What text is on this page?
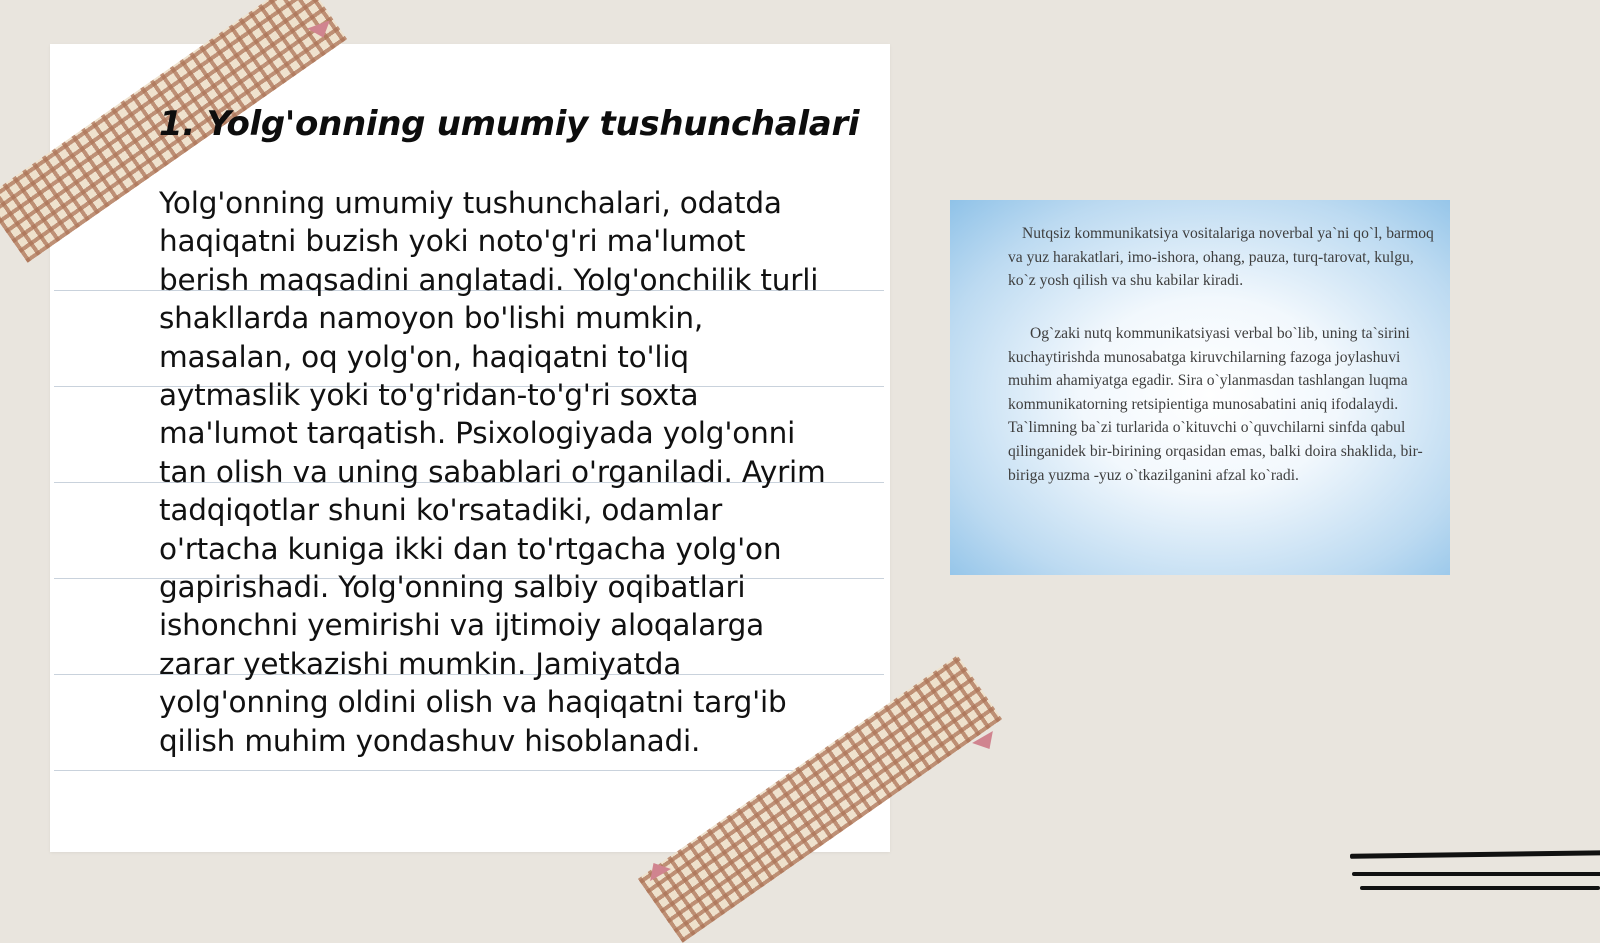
1. Yolg'onning umumiy tushunchalari

Yolg'onning umumiy tushunchalari, odatda haqiqatni buzish yoki noto'g'ri ma'lumot berish maqsadini anglatadi. Yolg'onchilik turli shakllarda namoyon bo'lishi mumkin, masalan, oq yolg'on, haqiqatni to'liq aytmaslik yoki to'g'ridan-to'g'ri soxta ma'lumot tarqatish. Psixologiyada yolg'onni tan olish va uning sabablari o'rganiladi. Ayrim tadqiqotlar shuni ko'rsatadiki, odamlar o'rtacha kuniga ikki dan to'rtgacha yolg'on gapirishadi. Yolg'onning salbiy oqibatlari ishonchni yemirishi va ijtimoiy aloqalarga zarar yetkazishi mumkin. Jamiyatda yolg'onning oldini olish va haqiqatni targ'ib qilish muhim yondashuv hisoblanadi.

Nutqsiz kommunikatsiya vositalariga noverbal ya`ni qo`l, barmoq va yuz harakatlari, imo-ishora, ohang, pauza, turq-tarovat, kulgu, ko`z yosh qilish va shu kabilar kiradi.

Og`zaki nutq kommunikatsiyasi verbal bo`lib, uning ta`sirini kuchaytirishda munosabatga kiruvchilarning fazoga joylashuvi muhim ahamiyatga egadir. Sira o`ylanmasdan tashlangan luqma kommunikatorning retsipientiga munosabatini aniq ifodalaydi. Ta`limning ba`zi turlarida o`kituvchi o`quvchilarni sinfda qabul qilinganidek bir-birining orqasidan emas, balki doira shaklida, bir-biriga yuzma -yuz o`tkazilganini afzal ko`radi.
